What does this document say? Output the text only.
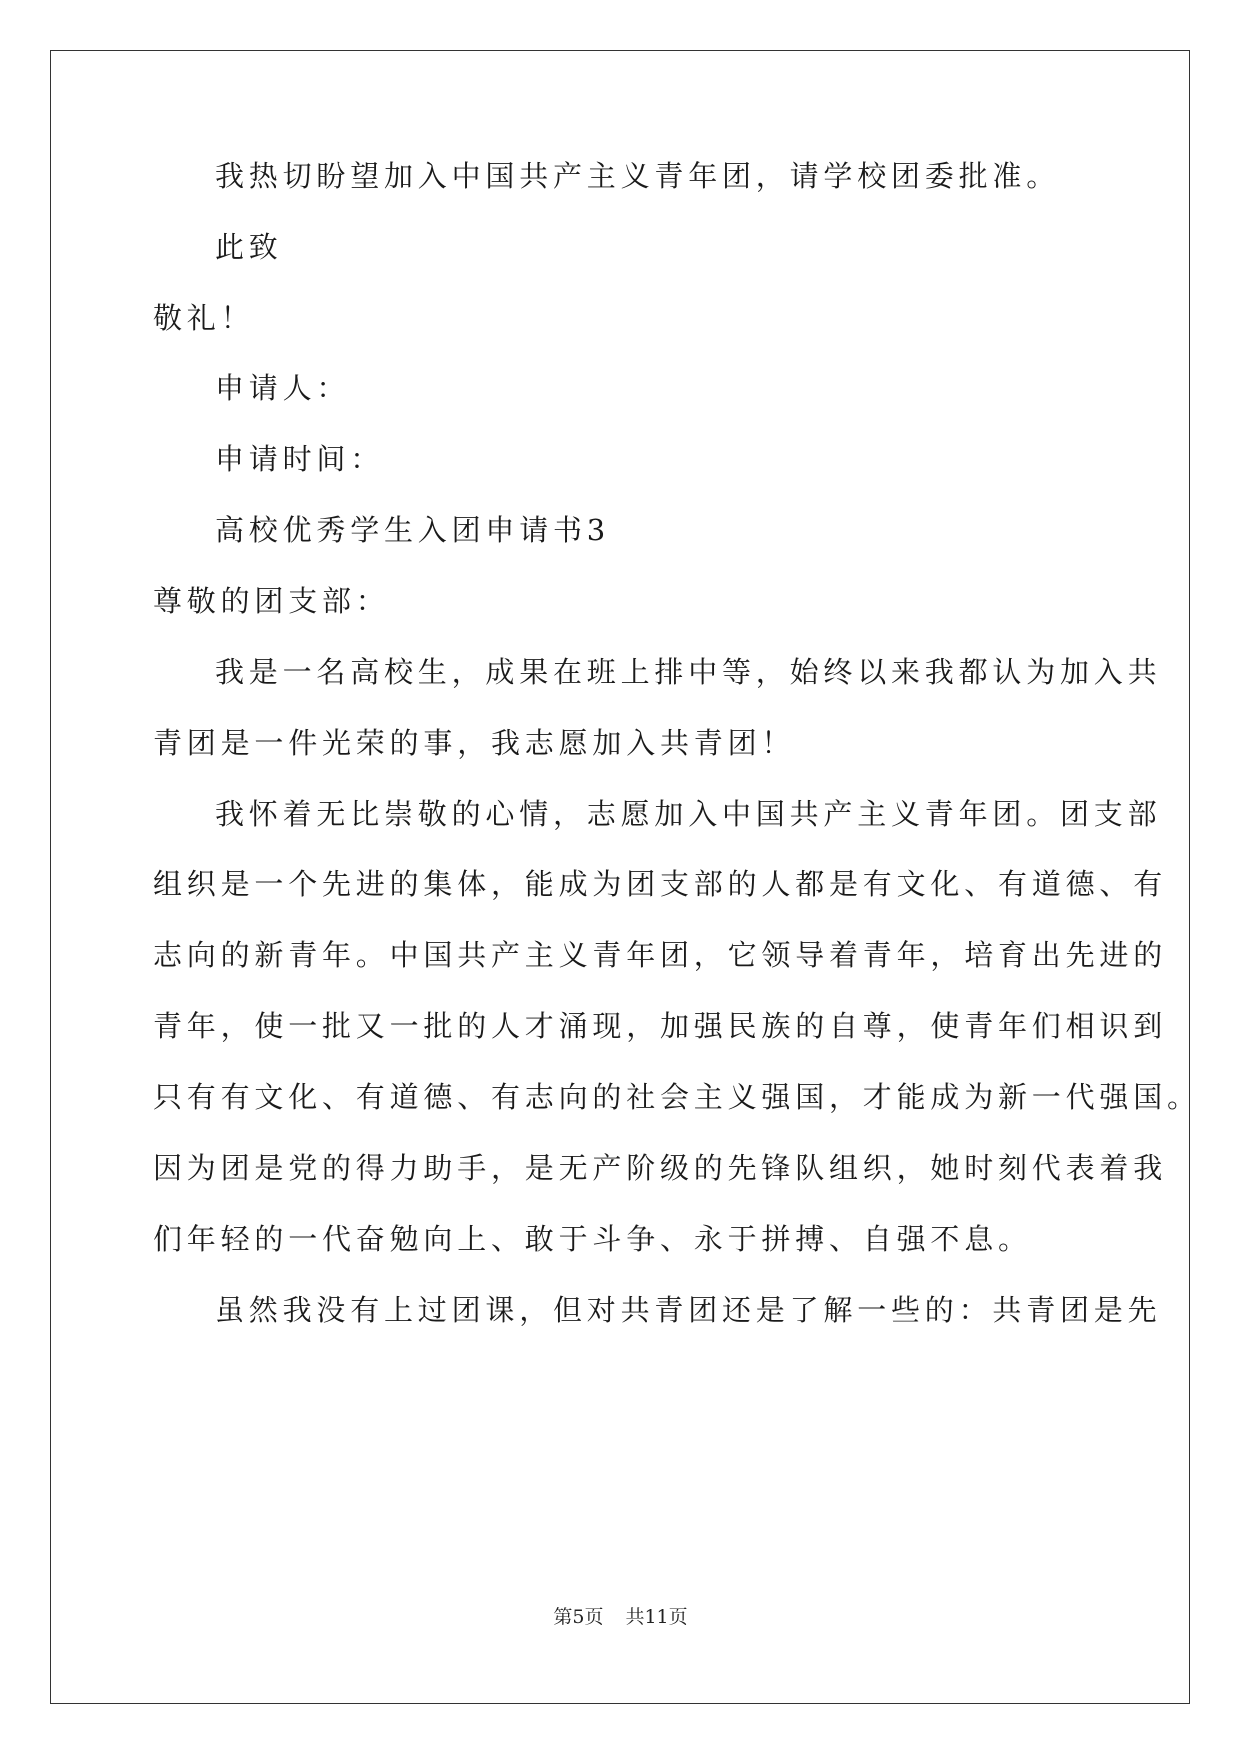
我热切盼望加入中国共产主义青年团，请学校团委批准。
此致
敬礼！
申请人：
申请时间：
高校优秀学生入团申请书3
尊敬的团支部：
我是一名高校生，成果在班上排中等，始终以来我都认为加入共
青团是一件光荣的事，我志愿加入共青团！
我怀着无比崇敬的心情，志愿加入中国共产主义青年团。团支部
组织是一个先进的集体，能成为团支部的人都是有文化、有道德、有
志向的新青年。中国共产主义青年团，它领导着青年，培育出先进的
青年，使一批又一批的人才涌现，加强民族的自尊，使青年们相识到
只有有文化、有道德、有志向的社会主义强国，才能成为新一代强国。
因为团是党的得力助手，是无产阶级的先锋队组织，她时刻代表着我
们年轻的一代奋勉向上、敢于斗争、永于拼搏、自强不息。
虽然我没有上过团课，但对共青团还是了解一些的：共青团是先
第5页 共11页
